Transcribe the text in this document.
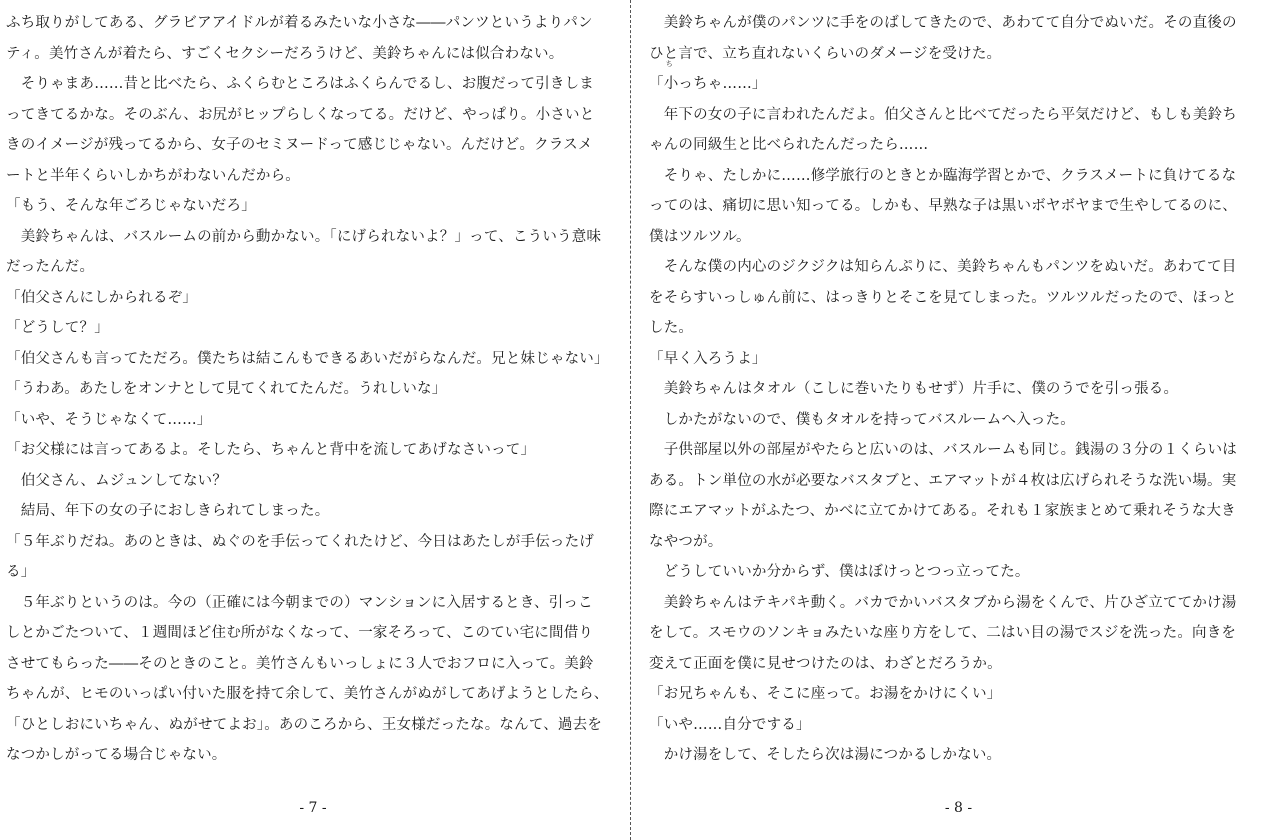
ふち取りがしてある、グラビアアイドルが着るみたいな小さな――パンツというよりパン
ティ。美竹さんが着たら、すごくセクシーだろうけど、美鈴ちゃんには似合わない。
　そりゃまあ……昔と比べたら、ふくらむところはふくらんでるし、お腹だって引きしま
ってきてるかな。そのぶん、お尻がヒップらしくなってる。だけど、やっぱり。小さいと
きのイメージが残ってるから、女子のセミヌードって感じじゃない。んだけど。クラスメ
ートと半年くらいしかちがわないんだから。
「もう、そんな年ごろじゃないだろ」
　美鈴ちゃんは、バスルームの前から動かない。「にげられないよ？」って、こういう意味
だったんだ。
「伯父さんにしかられるぞ」
「どうして？」
「伯父さんも言ってただろ。僕たちは結こんもできるあいだがらなんだ。兄と妹じゃない」
「うわあ。あたしをオンナとして見てくれてたんだ。うれしいな」
「いや、そうじゃなくて……」
「お父様には言ってあるよ。そしたら、ちゃんと背中を流してあげなさいって」
　伯父さん、ムジュンしてない？
　結局、年下の女の子におしきられてしまった。
「５年ぶりだね。あのときは、ぬぐのを手伝ってくれたけど、今日はあたしが手伝ったげ
る」
　５年ぶりというのは。今の（正確には今朝までの）マンションに入居するとき、引っこ
しとかごたついて、１週間ほど住む所がなくなって、一家そろって、このてい宅に間借り
させてもらった――そのときのこと。美竹さんもいっしょに３人でおフロに入って。美鈴
ちゃんが、ヒモのいっぱい付いた服を持て余して、美竹さんがぬがしてあげようとしたら、
「ひとしおにいちゃん、ぬがせてよお」。あのころから、王女様だったな。なんて、過去を
なつかしがってる場合じゃない。
- 7 -
　美鈴ちゃんが僕のパンツに手をのばしてきたので、あわてて自分でぬいだ。その直後の
ひと言で、立ち直れないくらいのダメージを受けた。
「小
ち
っちゃ……」
　年下の女の子に言われたんだよ。伯父さんと比べてだったら平気だけど、もしも美鈴ち
ゃんの同級生と比べられたんだったら……
　そりゃ、たしかに……修学旅行のときとか臨海学習とかで、クラスメートに負けてるな
ってのは、痛切に思い知ってる。しかも、早熟な子は黒いボヤボヤまで生やしてるのに、
僕はツルツル。
　そんな僕の内心のジクジクは知らんぷりに、美鈴ちゃんもパンツをぬいだ。あわてて目
をそらすいっしゅん前に、はっきりとそこを見てしまった。ツルツルだったので、ほっと
した。
「早く入ろうよ」
　美鈴ちゃんはタオル（こしに巻いたりもせず）片手に、僕のうでを引っ張る。
　しかたがないので、僕もタオルを持ってバスルームへ入った。
　子供部屋以外の部屋がやたらと広いのは、バスルームも同じ。銭湯の３分の１くらいは
ある。トン単位の水が必要なバスタブと、エアマットが４枚は広げられそうな洗い場。実
際にエアマットがふたつ、かべに立てかけてある。それも１家族まとめて乗れそうな大き
なやつが。
　どうしていいか分からず、僕はぼけっとつっ立ってた。
　美鈴ちゃんはテキパキ動く。バカでかいバスタブから湯をくんで、片ひざ立ててかけ湯
をして。スモウのソンキョみたいな座り方をして、二はい目の湯でスジを洗った。向きを
変えて正面を僕に見せつけたのは、わざとだろうか。
「お兄ちゃんも、そこに座って。お湯をかけにくい」
「いや……自分でする」
　かけ湯をして、そしたら次は湯につかるしかない。
- 8 -
